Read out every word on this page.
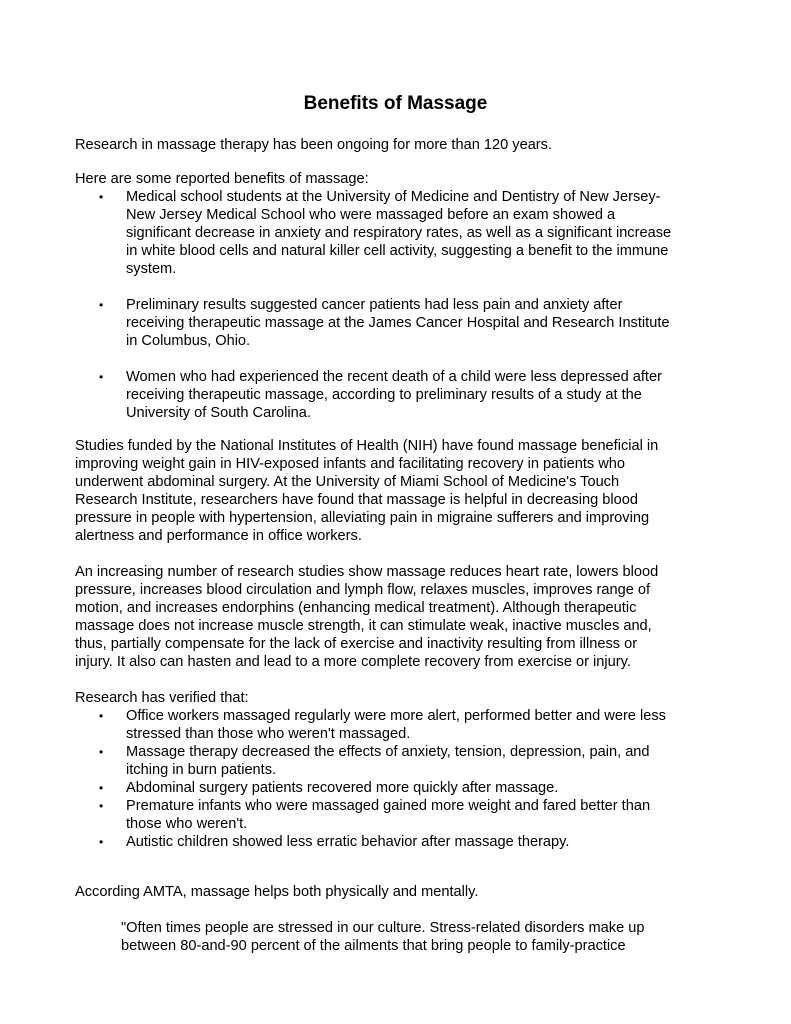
Benefits of Massage

Research in massage therapy has been ongoing for more than 120 years.

Here are some reported benefits of massage:

• Medical school students at the University of Medicine and Dentistry of New Jersey-
New Jersey Medical School who were massaged before an exam showed a
significant decrease in anxiety and respiratory rates, as well as a significant increase
in white blood cells and natural killer cell activity, suggesting a benefit to the immune
system.
• Preliminary results suggested cancer patients had less pain and anxiety after
receiving therapeutic massage at the James Cancer Hospital and Research Institute
in Columbus, Ohio.
• Women who had experienced the recent death of a child were less depressed after
receiving therapeutic massage, according to preliminary results of a study at the
University of South Carolina.
Studies funded by the National Institutes of Health (NIH) have found massage beneficial in
improving weight gain in HIV-exposed infants and facilitating recovery in patients who
underwent abdominal surgery. At the University of Miami School of Medicine's Touch
Research Institute, researchers have found that massage is helpful in decreasing blood
pressure in people with hypertension, alleviating pain in migraine sufferers and improving
alertness and performance in office workers.
An increasing number of research studies show massage reduces heart rate, lowers blood
pressure, increases blood circulation and lymph flow, relaxes muscles, improves range of
motion, and increases endorphins (enhancing medical treatment). Although therapeutic
massage does not increase muscle strength, it can stimulate weak, inactive muscles and,
thus, partially compensate for the lack of exercise and inactivity resulting from illness or
injury. It also can hasten and lead to a more complete recovery from exercise or injury.

Research has verified that:

• Office workers massaged regularly were more alert, performed better and were less
stressed than those who weren't massaged.
• Massage therapy decreased the effects of anxiety, tension, depression, pain, and
itching in burn patients.
• Abdominal surgery patients recovered more quickly after massage.
• Premature infants who were massaged gained more weight and fared better than
those who weren't.
• Autistic children showed less erratic behavior after massage therapy.

According AMTA, massage helps both physically and mentally.

"Often times people are stressed in our culture. Stress-related disorders make up
between 80-and-90 percent of the ailments that bring people to family-practice
